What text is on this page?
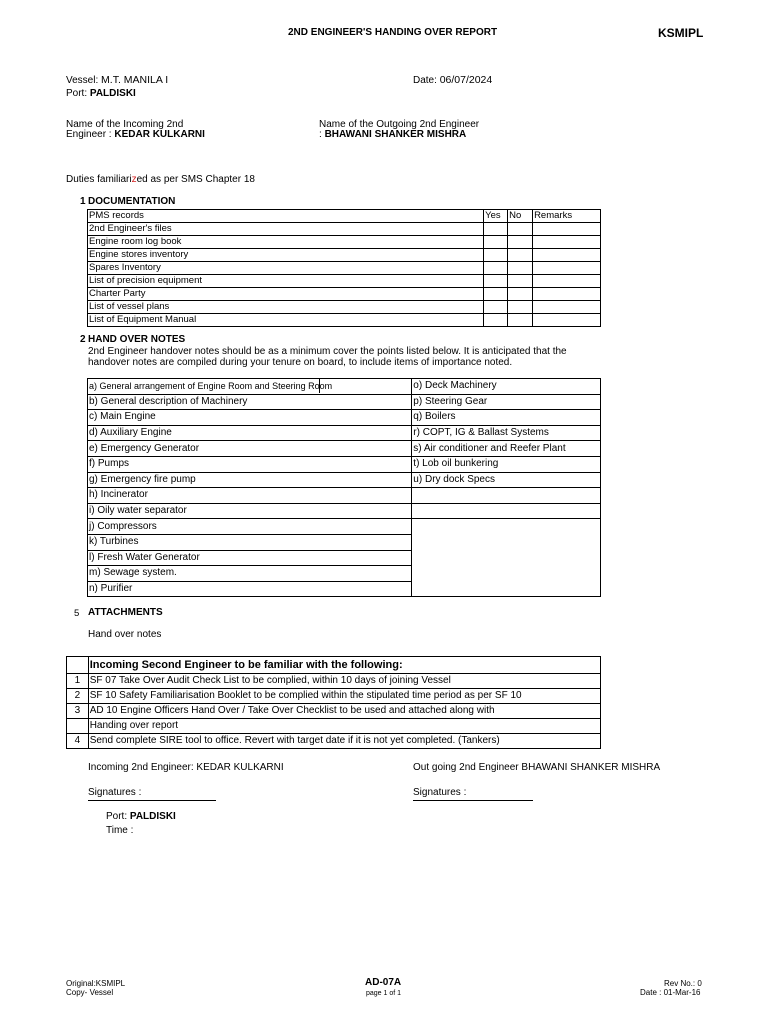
2ND ENGINEER'S HANDING OVER REPORT	KSMIPL
Vessel: M.T. MANILA I	Date: 06/07/2024
Port: PALDISKI
Name of the Incoming 2nd
Engineer : KEDAR KULKARNI
Name of the Outgoing 2nd Engineer
: BHAWANI SHANKER MISHRA
Duties familiarized as per SMS Chapter 18
1 DOCUMENTATION
PMS records	Yes	No	Remarks
2nd Engineer's files			
Engine room log book			
Engine stores inventory			
Spares Inventory			
List of precision equipment			
Charter Party			
List of vessel plans			
List of Equipment Manual			
2 HAND OVER NOTES
2nd Engineer handover notes should be as a minimum cover the points listed below. It is anticipated that the
handover notes are compiled during your tenure on board, to include items of importance noted.
a) General arrangement of Engine Room and Steering Room	o) Deck Machinery
b) General description of Machinery	p) Steering Gear
c) Main Engine	q) Boilers
d) Auxiliary Engine	r) COPT, IG & Ballast Systems
e) Emergency Generator	s) Air conditioner and Reefer Plant
f) Pumps	t) Lob oil bunkering
g) Emergency fire pump	u) Dry dock Specs
h) Incinerator	
i) Oily water separator	
j) Compressors	
k) Turbines	
l) Fresh Water Generator	
m) Sewage system.	
n) Purifier	
5 ATTACHMENTS
Hand over notes
	Incoming Second Engineer to be familiar with the following:
1	SF 07 Take Over Audit Check List to be complied, within 10 days of joining Vessel
2	SF 10 Safety Familiarisation Booklet to be complied within the stipulated time period as per SF 10
3	AD 10 Engine Officers Hand Over / Take Over Checklist to be used and attached along with
	Handing over report
4	Send complete SIRE tool to office. Revert with target date if it is not yet completed. (Tankers)
Incoming 2nd Engineer: KEDAR KULKARNI	Out going 2nd Engineer BHAWANI SHANKER MISHRA
Signatures :	Signatures :
Port: PALDISKI
Time :
Original:KSMIPL
Copy- Vessel
AD-07A
page 1 of 1
Rev No.: 0
Date : 01-Mar-16
